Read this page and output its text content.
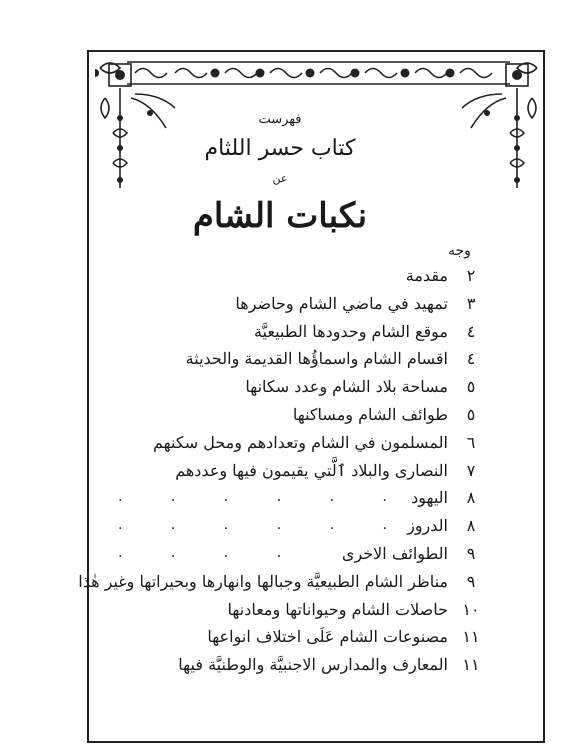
فهرست
كتاب حسر اللثام
عن
نكبات الشام
وجه
٢
مقدمة
٣
تمهيد في ماضي الشام وحاضرها
٤
موقع الشام وحدودها الطبيعيَّة
٤
اقسام الشام واسماؤُها القديمة والحديثة
٥
مساحة بلاد الشام وعدد سكانها
٥
طوائف الشام ومساكنها
٦
المسلمون في الشام وتعدادهم ومحل سكنهم
٧
النصارى والبلاد ٱلَّتي يقيمون فيها وعددهم
٨
اليهود
. . . . . .
٨
الدروز
. . . . . .
٩
الطوائف الاخرى
. . . .
٩
مناظر الشام الطبيعيَّة وجبالها وانهارها وبحيراتها وغير هٰذا
١٠
حاصلات الشام وحيواناتها ومعادنها
١١
مصنوعات الشام عَلَى اختلاف انواعها
١١
المعارف والمدارس الاجنبيَّة والوطنيَّة فيها
